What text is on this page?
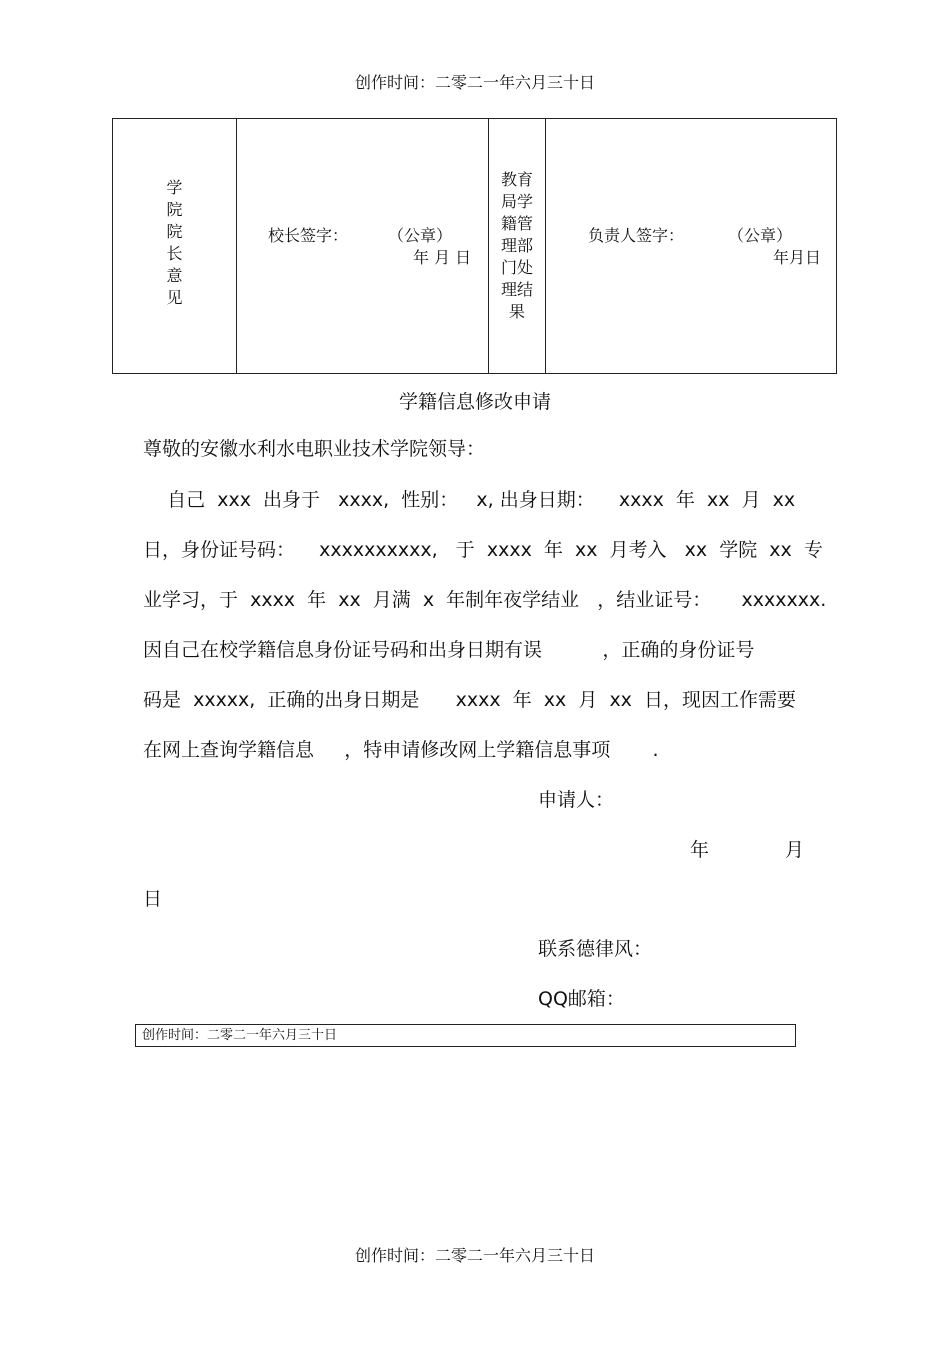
创作时间：二零二一年六月三十日
学
院
院
长
意
见
校长签字： （公章）
年 月 日
教育
局学
籍管
理部
门处
理结
果
负责人签字：	（公章）
年月日
学籍信息修改申请
尊敬的安徽水利水电职业技术学院领导：
自己  xxx  出身于   xxxx,  性别：   x, 出身日期：    xxxx  年  xx  月  xx
日，身份证号码：    xxxxxxxxxx,   于  xxxx  年  xx  月考入   xx  学院  xx  专
业学习，于  xxxx  年  xx  月满  x  年制年夜学结业   ，结业证号：     xxxxxxx.
因自己在校学籍信息身份证号码和出身日期有误          ，正确的身份证号
码是  xxxxx,  正确的出身日期是      xxxx  年  xx  月  xx  日，现因工作需要
在网上查询学籍信息     ，特申请修改网上学籍信息事项       .
申请人：
年	月
日
联系德律风：
QQ邮箱：
创作时间：二零二一年六月三十日
创作时间：二零二一年六月三十日
